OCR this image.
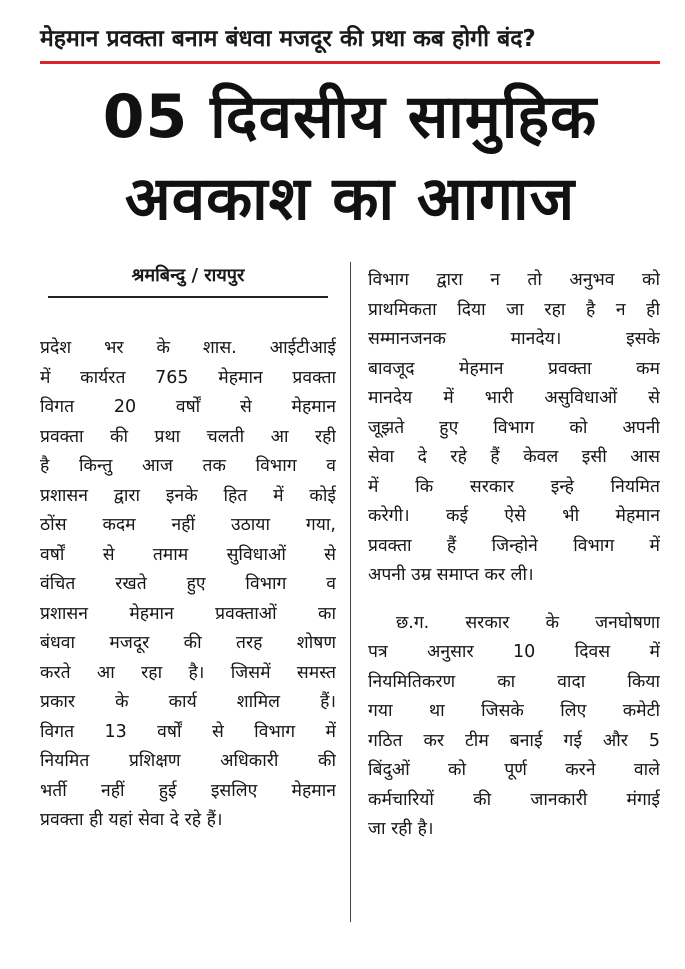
मेहमान प्रवक्ता बनाम बंधवा मजदूर की प्रथा कब होगी बंद?
05 दिवसीय सामुहिक
अवकाश का आगाज
श्रमबिन्दु / रायपुर
प्रदेश भर के शास. आईटीआई
में कार्यरत 765 मेहमान प्रवक्ता
विगत 20 वर्षों से मेहमान
प्रवक्ता की प्रथा चलती आ रही
है किन्तु आज तक विभाग व
प्रशासन द्वारा इनके हित में कोई
ठोंस कदम नहीं उठाया गया,
वर्षों से तमाम सुविधाओं से
वंचित रखते हुए विभाग व
प्रशासन मेहमान प्रवक्ताओं का
बंधवा मजदूर की तरह शोषण
करते आ रहा है। जिसमें समस्त
प्रकार के कार्य शामिल हैं।
विगत 13 वर्षों से विभाग में
नियमित प्रशिक्षण अधिकारी की
भर्ती नहीं हुई इसलिए मेहमान
प्रवक्ता ही यहां सेवा दे रहे हैं।
विभाग द्वारा न तो अनुभव को
प्राथमिकता दिया जा रहा है न ही
सम्मानजनक मानदेय। इसके
बावजूद मेहमान प्रवक्ता कम
मानदेय में भारी असुविधाओं से
जूझते हुए विभाग को अपनी
सेवा दे रहे हैं केवल इसी आस
में कि सरकार इन्हे नियमित
करेगी। कई ऐसे भी मेहमान
प्रवक्ता हैं जिन्होने विभाग में
अपनी उम्र समाप्त कर ली।
छ.ग. सरकार के जनघोषणा
पत्र अनुसार 10 दिवस में
नियमितिकरण का वादा किया
गया था जिसके लिए कमेटी
गठित कर टीम बनाई गई और 5
बिंदुओं को पूर्ण करने वाले
कर्मचारियों की जानकारी मंगाई
जा रही है।
